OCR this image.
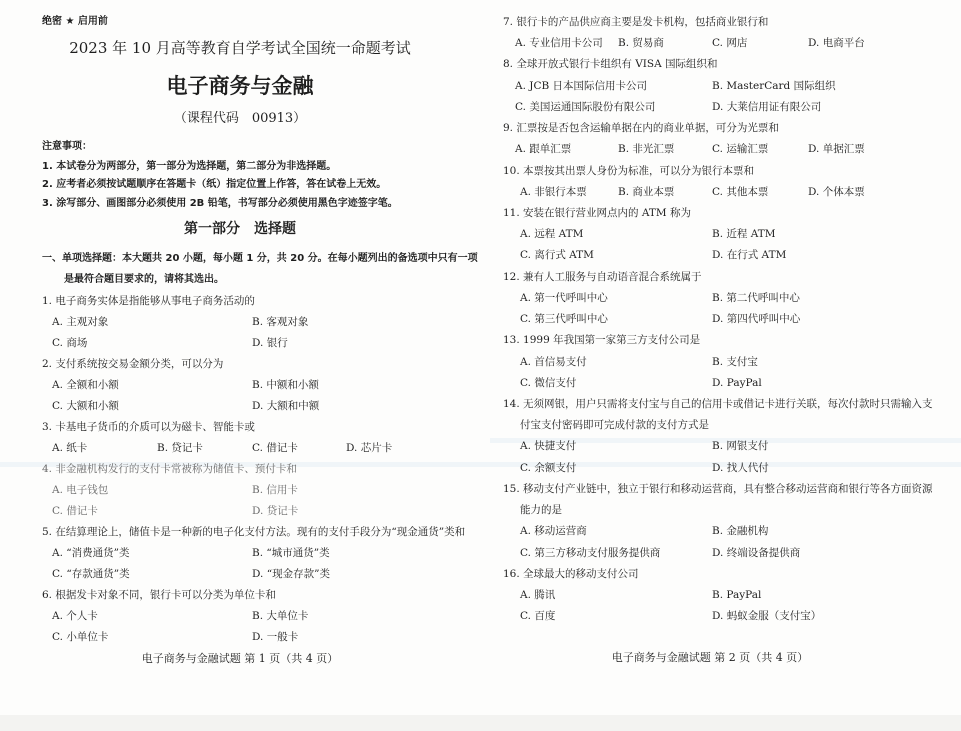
绝密 ★ 启用前
2023 年 10 月高等教育自学考试全国统一命题考试
电子商务与金融
（课程代码　00913）
注意事项：
1. 本试卷分为两部分，第一部分为选择题，第二部分为非选择题。
2. 应考者必须按试题顺序在答题卡（纸）指定位置上作答，答在试卷上无效。
3. 涂写部分、画图部分必须使用 2B 铅笔，书写部分必须使用黑色字迹签字笔。
第一部分　选择题
一、单项选择题：本大题共 20 小题，每小题 1 分，共 20 分。在每小题列出的备选项中只有一项
是最符合题目要求的，请将其选出。
1. 电子商务实体是指能够从事电子商务活动的
A. 主观对象	B. 客观对象
C. 商场	D. 银行
2. 支付系统按交易金额分类，可以分为
A. 全额和小额	B. 中额和小额
C. 大额和小额	D. 大额和中额
3. 卡基电子货币的介质可以为磁卡、智能卡或
A. 纸卡	B. 贷记卡	C. 借记卡	D. 芯片卡
4. 非金融机构发行的支付卡常被称为储值卡、预付卡和
A. 电子钱包	B. 信用卡
C. 借记卡	D. 贷记卡
5. 在结算理论上，储值卡是一种新的电子化支付方法。现有的支付手段分为“现金通货”类和
A. “消费通货”类	B. “城市通货”类
C. “存款通货”类	D. “现金存款”类
6. 根据发卡对象不同，银行卡可以分类为单位卡和
A. 个人卡	B. 大单位卡
C. 小单位卡	D. 一般卡
电子商务与金融试题 第 1 页（共 4 页）
7. 银行卡的产品供应商主要是发卡机构，包括商业银行和
A. 专业信用卡公司 B. 贸易商	C. 网店	D. 电商平台
8. 全球开放式银行卡组织有 VISA 国际组织和
A. JCB 日本国际信用卡公司	B. MasterCard 国际组织
C. 美国运通国际股份有限公司	D. 大莱信用证有限公司
9. 汇票按是否包含运输单据在内的商业单据，可分为光票和
A. 跟单汇票	B. 非光汇票	C. 运输汇票	D. 单据汇票
10. 本票按其出票人身份为标准，可以分为银行本票和
A. 非银行本票	B. 商业本票	C. 其他本票	D. 个体本票
11. 安装在银行营业网点内的 ATM 称为
A. 远程 ATM	B. 近程 ATM
C. 离行式 ATM	D. 在行式 ATM
12. 兼有人工服务与自动语音混合系统属于
A. 第一代呼叫中心	B. 第二代呼叫中心
C. 第三代呼叫中心	D. 第四代呼叫中心
13. 1999 年我国第一家第三方支付公司是
A. 首信易支付	B. 支付宝
C. 微信支付	D. PayPal
14. 无须网银，用户只需将支付宝与自己的信用卡或借记卡进行关联，每次付款时只需输入支
付宝支付密码即可完成付款的支付方式是
A. 快捷支付	B. 网银支付
C. 余额支付	D. 找人代付
15. 移动支付产业链中，独立于银行和移动运营商，具有整合移动运营商和银行等各方面资源
能力的是
A. 移动运营商	B. 金融机构
C. 第三方移动支付服务提供商	D. 终端设备提供商
16. 全球最大的移动支付公司
A. 腾讯	B. PayPal
C. 百度	D. 蚂蚁金服（支付宝）
电子商务与金融试题 第 2 页（共 4 页）
